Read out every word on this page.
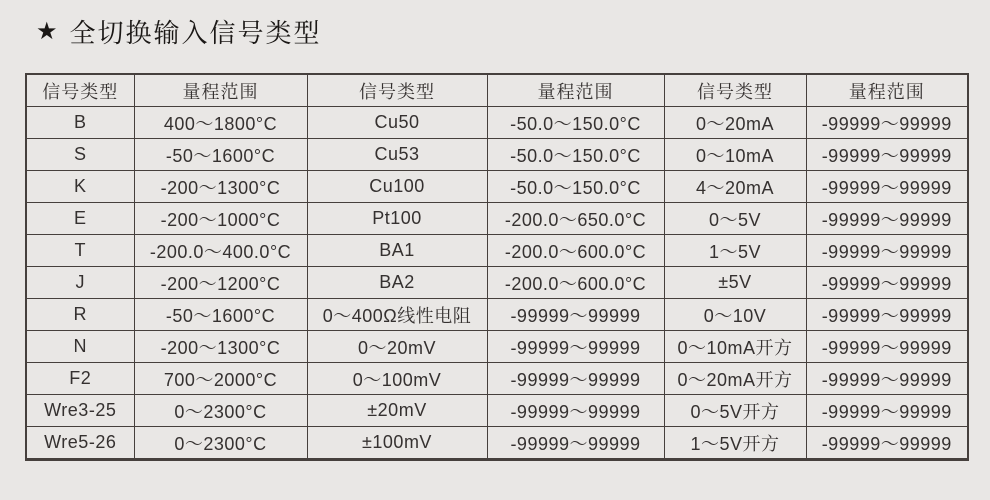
★ 全切换输入信号类型
信号类型	量程范围	信号类型	量程范围	信号类型	量程范围
B	400～1800°C	Cu50	-50.0～150.0°C	0～20mA	-99999～99999
S	-50～1600°C	Cu53	-50.0～150.0°C	0～10mA	-99999～99999
K	-200～1300°C	Cu100	-50.0～150.0°C	4～20mA	-99999～99999
E	-200～1000°C	Pt100	-200.0～650.0°C	0～5V	-99999～99999
T	-200.0～400.0°C	BA1	-200.0～600.0°C	1～5V	-99999～99999
J	-200～1200°C	BA2	-200.0～600.0°C	±5V	-99999～99999
R	-50～1600°C	0～400Ω线性电阻	-99999～99999	0～10V	-99999～99999
N	-200～1300°C	0～20mV	-99999～99999	0～10mA开方	-99999～99999
F2	700～2000°C	0～100mV	-99999～99999	0～20mA开方	-99999～99999
Wre3-25	0～2300°C	±20mV	-99999～99999	0～5V开方	-99999～99999
Wre5-26	0～2300°C	±100mV	-99999～99999	1～5V开方	-99999～99999
